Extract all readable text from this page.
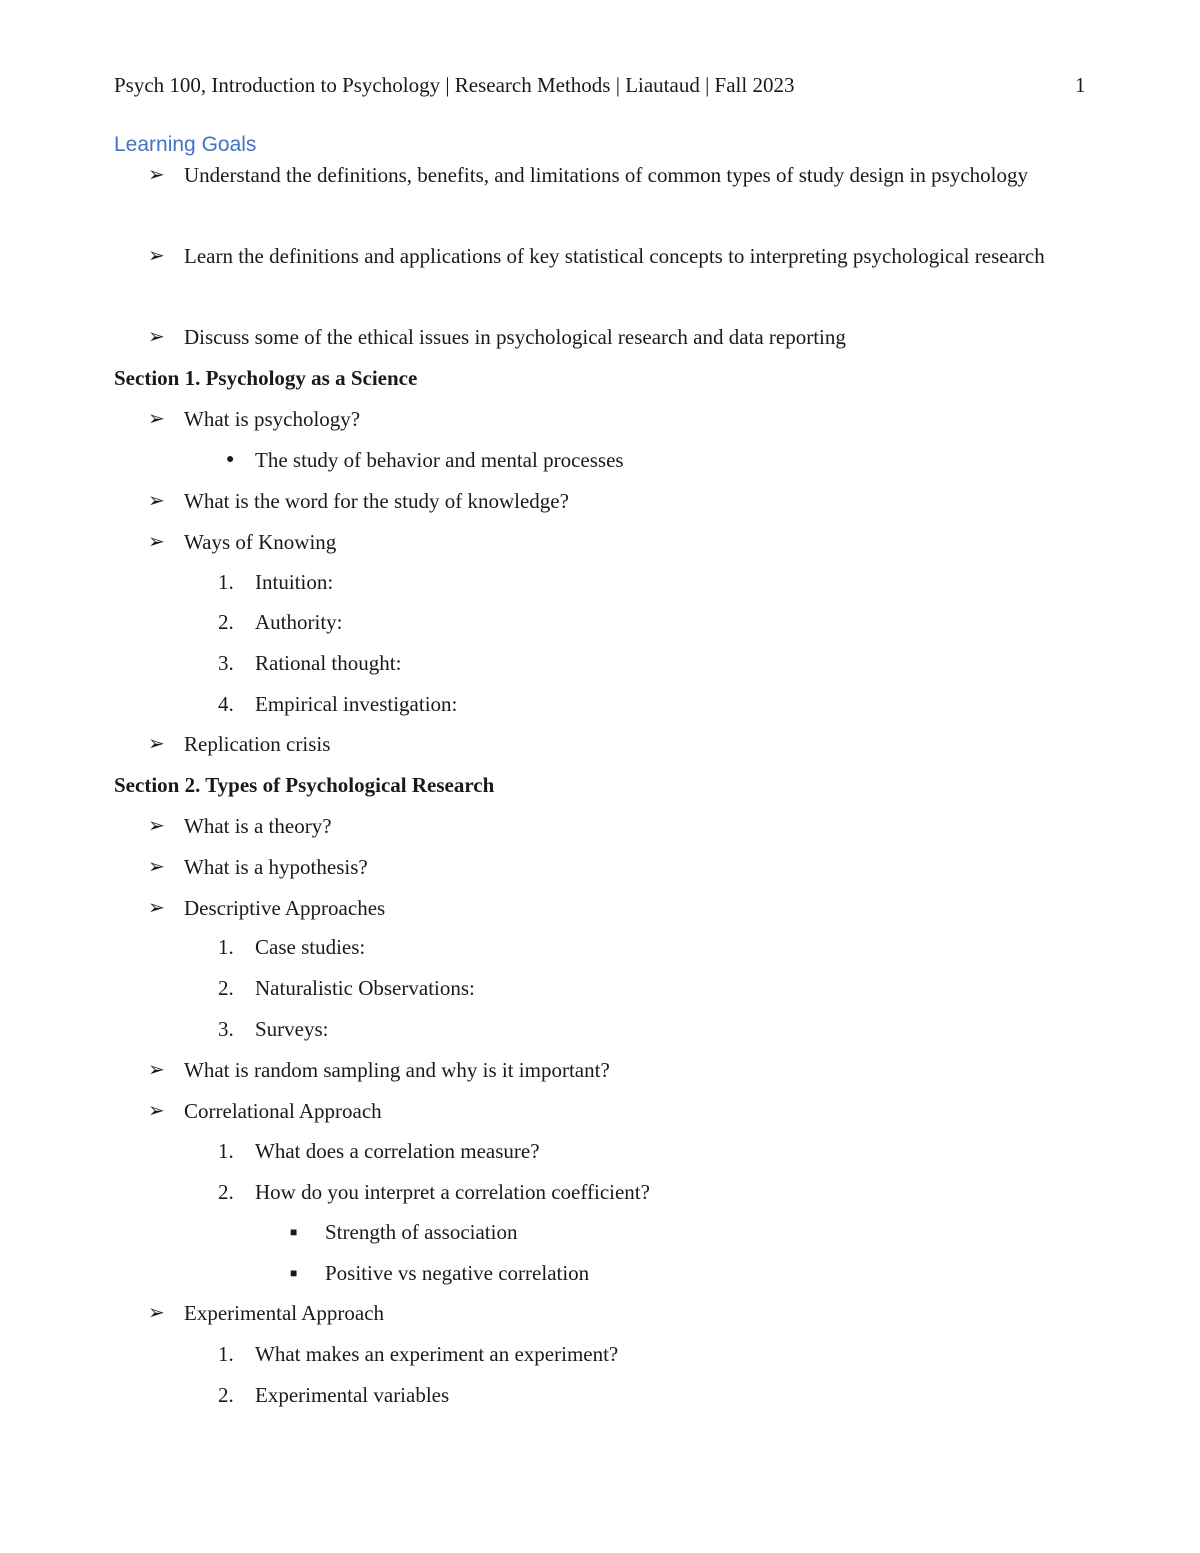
Psych 100, Introduction to Psychology | Research Methods | Liautaud | Fall 2023	1
Learning Goals
➢ Understand the definitions, benefits, and limitations of common types of study design in psychology
➢ Learn the definitions and applications of key statistical concepts to interpreting psychological research
➢ Discuss some of the ethical issues in psychological research and data reporting
Section 1. Psychology as a Science
➢ What is psychology?
● The study of behavior and mental processes
➢ What is the word for the study of knowledge?
➢ Ways of Knowing
1. Intuition:
2. Authority:
3. Rational thought:
4. Empirical investigation:
➢ Replication crisis
Section 2. Types of Psychological Research
➢ What is a theory?
➢ What is a hypothesis?
➢ Descriptive Approaches
1. Case studies:
2. Naturalistic Observations:
3. Surveys:
➢ What is random sampling and why is it important?
➢ Correlational Approach
1. What does a correlation measure?
2. How do you interpret a correlation coefficient?
■ Strength of association
■ Positive vs negative correlation
➢ Experimental Approach
1. What makes an experiment an experiment?
2. Experimental variables
